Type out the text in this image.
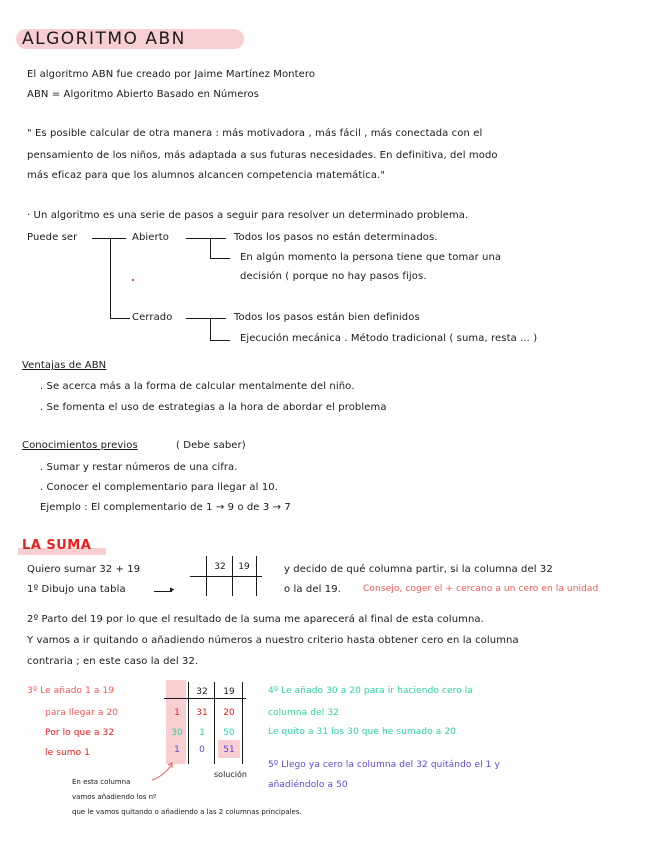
ALGORITMO ABN
El algoritmo ABN fue creado por Jaime Martínez Montero
ABN = Algoritmo Abierto Basado en Números
" Es posible calcular de otra manera : más motivadora , más fácil , más conectada con el
pensamiento de los niños, más adaptada a sus futuras necesidades. En definitiva, del modo
más eficaz para que los alumnos alcancen competencia matemática."
· Un algoritmo es una serie de pasos a seguir para resolver un determinado problema.
Puede ser	Abierto	Todos los pasos no están determinados.
En algún momento la persona tiene que tomar una
decisión ( porque no hay pasos fijos.
Cerrado	Todos los pasos están bien definidos
Ejecución mecánica . Método tradicional ( suma, resta ... )
Ventajas de ABN
. Se acerca más a la forma de calcular mentalmente del niño.
. Se fomenta el uso de estrategias a la hora de abordar el problema
Conocimientos previos	( Debe saber)
. Sumar y restar números de una cifra.
. Conocer el complementario para llegar al 10.
Ejemplo : El complementario de 1 → 9 o de 3 → 7
LA SUMA
Quiero sumar 32 + 19
1º Dibujo una tabla	▸
32	19	y decido de qué columna partir, si la columna del 32
o la del 19. Consejo, coger el + cercano a un cero en la unidad
2º Parto del 19 por lo que el resultado de la suma me aparecerá al final de esta columna.
Y vamos a ir quitando o añadiendo números a nuestro criterio hasta obtener cero en la columna
contraria ; en este caso la del 32.
3º Le añado 1 a 19
para llegar a 20
Por lo que a 32
le sumo 1
32	19
1	31	20
30	1	50
1	0	51
solución
4º Le añado 30 a 20 para ir haciendo cero la
columna del 32
Le quito a 31 los 30 que he sumado a 20
5º Llego ya cero la columna del 32 quitándo el 1 y
añadiéndolo a 50
En esta columna
vamos añadiendo los nº
que le vamos quitando o añadiendo a las 2 columnas principales.
